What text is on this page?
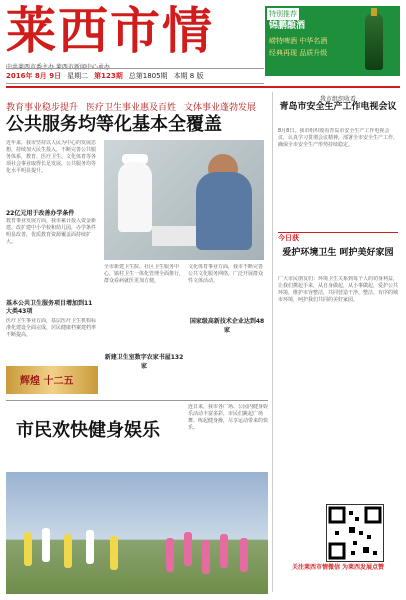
莱西市情	特别推荐
锦鹏酿酒
崂特啤酒 中华名酒
经典再现 品质升级
中共莱西市委主办 莱西市新闻中心承办
2016年 8月 9日 星期二 第123期 总第1805期 本期 8 版
教育事业稳步提升 医疗卫生事业惠及百姓 文体事业蓬勃发展
公共服务均等化基本全覆盖
近年来，我市坚持以人民为中心的发展思想，持续加大民生投入，不断完善公共服务体系，教育、医疗卫生、文化体育等各项社会事业取得长足发展，公共服务均等化水平明显提升。
22亿元用于改善办学条件
教育事业发展方面，我市累计投入资金新建、改扩建中小学校和幼儿园，办学条件明显改善，优质教育资源覆盖面持续扩大。
基本公共卫生服务项目增加到11大类43项
医疗卫生事业方面，基层医疗卫生机构标准化建设全面完成，居民健康档案建档率不断提高。
辉煌 十二五
全市新建卫生院、社区卫生服务中心，镇村卫生一体化管理全面推行，群众看病就医更加方便。
新建卫生室数字农家书屋132家
文化体育事业方面，我市不断完善公共文化服务网络，广泛开展群众性文体活动。
国家级高新技术企业达到48家
我市组织收看
青岛市安全生产工作电视会议
8月8日，我市组织收看青岛市安全生产工作电视会议，认真学习贯彻会议精神，部署全市安全生产工作，确保全市安全生产形势持续稳定。
今日获
爱护环境卫生 呵护美好家园
广大市民朋友们：环境卫生关系到每个人的切身利益，让我们携起手来，从自身做起，从小事做起，爱护公共环境，维护市容整洁，共同营造干净、整洁、有序的城市环境，呵护我们共同的美好家园。
关注莱西市情微信 为莱西发展点赞
市民欢快健身娱乐
连日来，我市各广场、公园内健身娱乐活动丰富多彩，市民们跳起广场舞、练起健身操，尽享运动带来的快乐。
